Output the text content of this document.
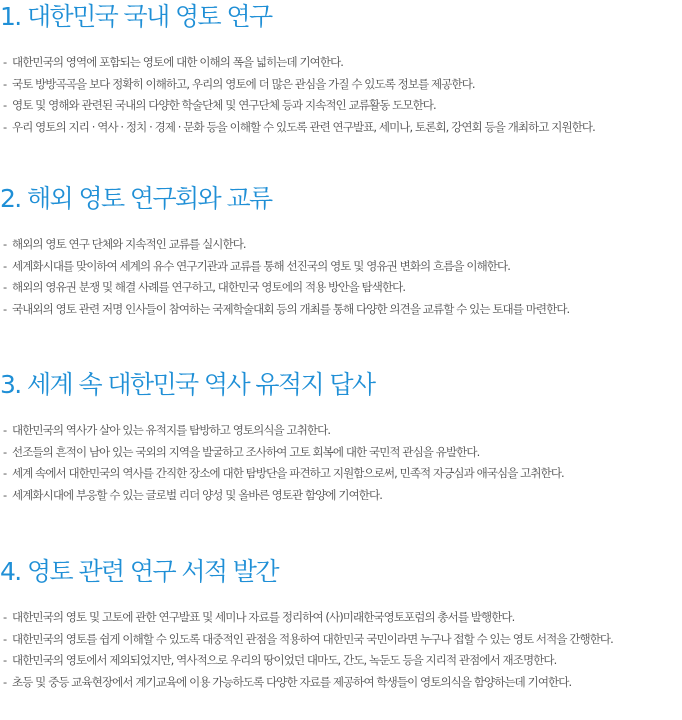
1. 대한민국 국내 영토 연구
- 대한민국의 영역에 포함되는 영토에 대한 이해의 폭을 넓히는데 기여한다.
- 국토 방방곡곡을 보다 정확히 이해하고, 우리의 영토에 더 많은 관심을 가질 수 있도록 정보를 제공한다.
- 영토 및 영해와 관련된 국내의 다양한 학술단체 및 연구단체 등과 지속적인 교류활동 도모한다.
- 우리 영토의 지리 · 역사 · 정치 · 경제 · 문화 등을 이해할 수 있도록 관련 연구발표, 세미나, 토론회, 강연회 등을 개최하고 지원한다.
2. 해외 영토 연구회와 교류
- 해외의 영토 연구 단체와 지속적인 교류를 실시한다.
- 세계화시대를 맞이하여 세계의 유수 연구기관과 교류를 통해 선진국의 영토 및 영유권 변화의 흐름을 이해한다.
- 해외의 영유권 분쟁 및 해결 사례를 연구하고, 대한민국 영토에의 적용 방안을 탐색한다.
- 국내외의 영토 관련 저명 인사들이 참여하는 국제학술대회 등의 개최를 통해 다양한 의견을 교류할 수 있는 토대를 마련한다.
3. 세계 속 대한민국 역사 유적지 답사
- 대한민국의 역사가 살아 있는 유적지를 탐방하고 영토의식을 고취한다.
- 선조들의 흔적이 남아 있는 국외의 지역을 발굴하고 조사하여 고토 회복에 대한 국민적 관심을 유발한다.
- 세계 속에서 대한민국의 역사를 간직한 장소에 대한 탐방단을 파견하고 지원함으로써, 민족적 자긍심과 애국심을 고취한다.
- 세계화시대에 부응할 수 있는 글로벌 리더 양성 및 올바른 영토관 함양에 기여한다.
4. 영토 관련 연구 서적 발간
- 대한민국의 영토 및 고토에 관한 연구발표 및 세미나 자료를 정리하여 (사)미래한국영토포럼의 총서를 발행한다.
- 대한민국의 영토를 쉽게 이해할 수 있도록 대중적인 관점을 적용하여 대한민국 국민이라면 누구나 접할 수 있는 영토 서적을 간행한다.
- 대한민국의 영토에서 제외되었지만, 역사적으로 우리의 땅이었던 대마도, 간도, 녹둔도 등을 지리적 관점에서 재조명한다.
- 초등 및 중등 교육현장에서 계기교육에 이용 가능하도록 다양한 자료를 제공하여 학생들이 영토의식을 함양하는데 기여한다.
